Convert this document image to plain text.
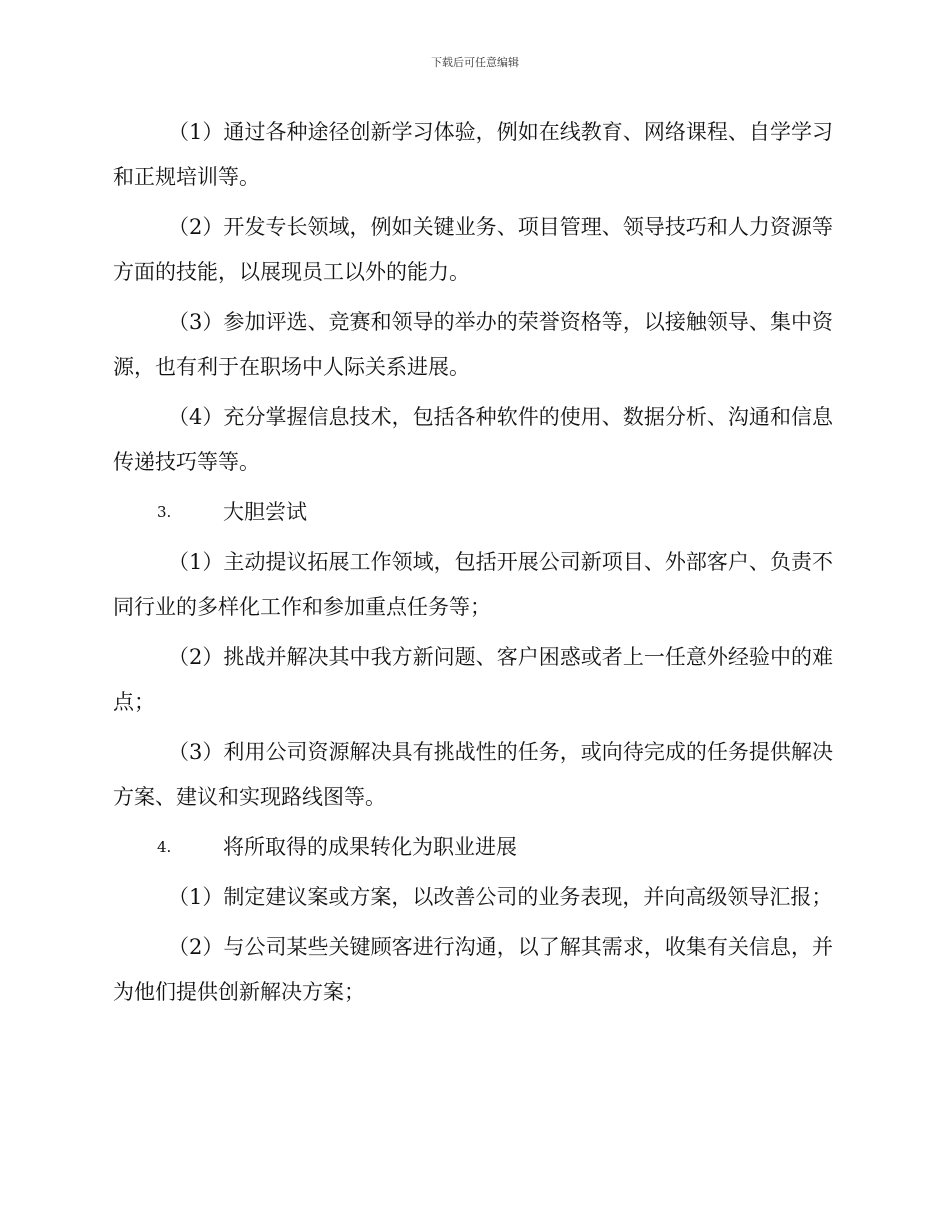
下载后可任意编辑

（1）通过各种途径创新学习体验，例如在线教育、网络课程、自学学习和正规培训等。

（2）开发专长领域，例如关键业务、项目管理、领导技巧和人力资源等方面的技能，以展现员工以外的能力。

（3）参加评选、竞赛和领导的举办的荣誉资格等，以接触领导、集中资源，也有利于在职场中人际关系进展。

（4）充分掌握信息技术，包括各种软件的使用、数据分析、沟通和信息传递技巧等等。

3. 大胆尝试

（1）主动提议拓展工作领域，包括开展公司新项目、外部客户、负责不同行业的多样化工作和参加重点任务等；

（2）挑战并解决其中我方新问题、客户困惑或者上一任意外经验中的难点；

（3）利用公司资源解决具有挑战性的任务，或向待完成的任务提供解决方案、建议和实现路线图等。

4. 将所取得的成果转化为职业进展

（1）制定建议案或方案，以改善公司的业务表现，并向高级领导汇报；

（2）与公司某些关键顾客进行沟通，以了解其需求，收集有关信息，并为他们提供创新解决方案；
